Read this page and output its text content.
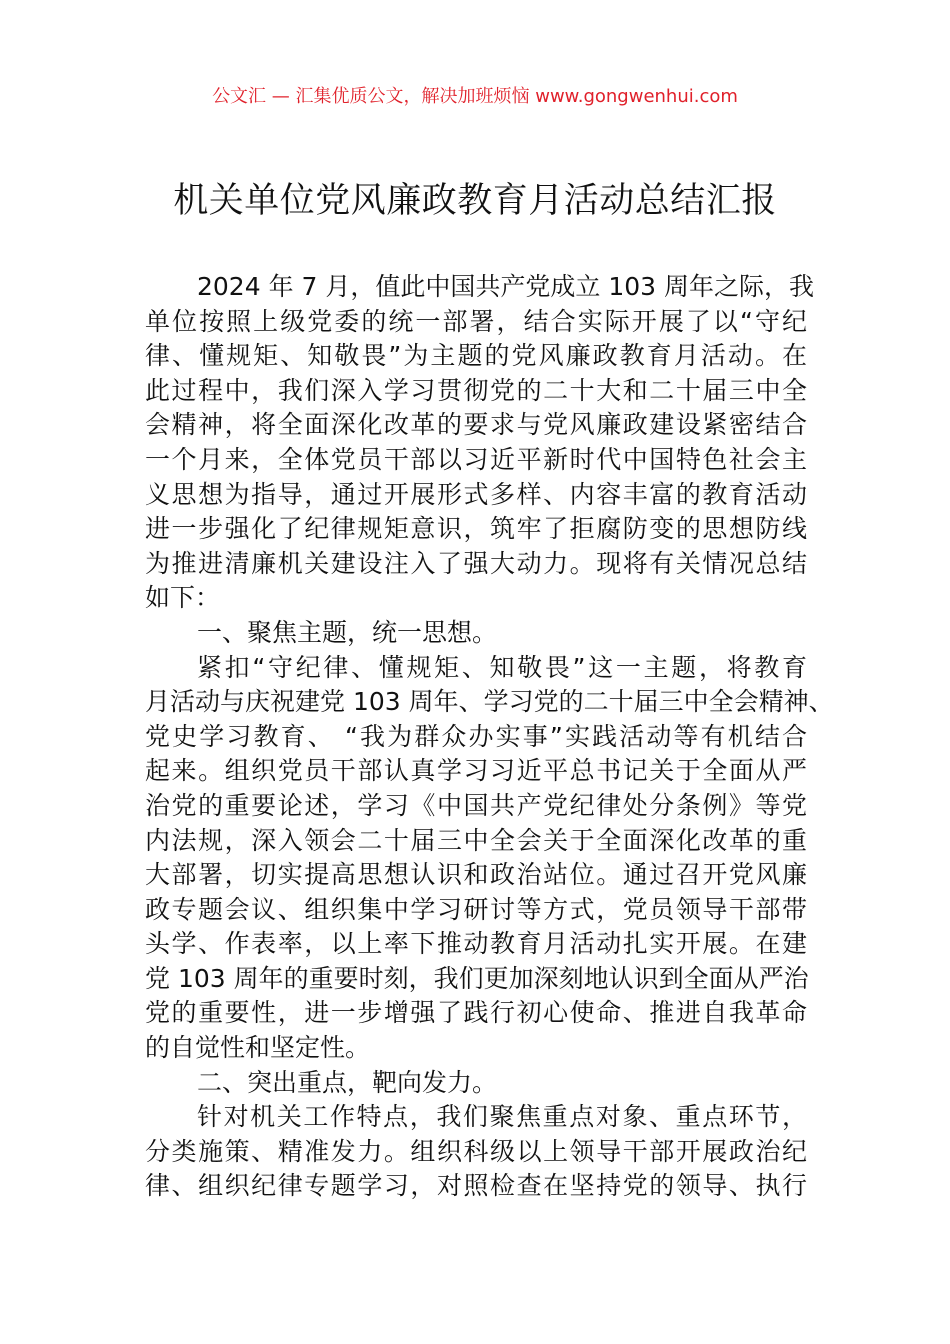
公文汇 — 汇集优质公文，解决加班烦恼 www.gongwenhui.com
机关单位党风廉政教育月活动总结汇报
2024 年 7 月，值此中国共产党成立 103 周年之际，我
单位按照上级党委的统一部署，结合实际开展了以“守纪
律、懂规矩、知敬畏”为主题的党风廉政教育月活动。在
此过程中，我们深入学习贯彻党的二十大和二十届三中全
会精神，将全面深化改革的要求与党风廉政建设紧密结合
一个月来，全体党员干部以习近平新时代中国特色社会主
义思想为指导，通过开展形式多样、内容丰富的教育活动
进一步强化了纪律规矩意识，筑牢了拒腐防变的思想防线
为推进清廉机关建设注入了强大动力。现将有关情况总结
如下：
一、聚焦主题，统一思想。
紧扣“守纪律、懂规矩、知敬畏”这一主题，将教育
月活动与庆祝建党 103 周年、学习党的二十届三中全会精神、
党史学习教育、 “我为群众办实事”实践活动等有机结合
起来。组织党员干部认真学习习近平总书记关于全面从严
治党的重要论述，学习《中国共产党纪律处分条例》等党
内法规，深入领会二十届三中全会关于全面深化改革的重
大部署，切实提高思想认识和政治站位。通过召开党风廉
政专题会议、组织集中学习研讨等方式，党员领导干部带
头学、作表率，以上率下推动教育月活动扎实开展。在建
党 103 周年的重要时刻，我们更加深刻地认识到全面从严治
党的重要性，进一步增强了践行初心使命、推进自我革命
的自觉性和坚定性。
二、突出重点，靶向发力。
针对机关工作特点，我们聚焦重点对象、重点环节，
分类施策、精准发力。组织科级以上领导干部开展政治纪
律、组织纪律专题学习，对照检查在坚持党的领导、执行
